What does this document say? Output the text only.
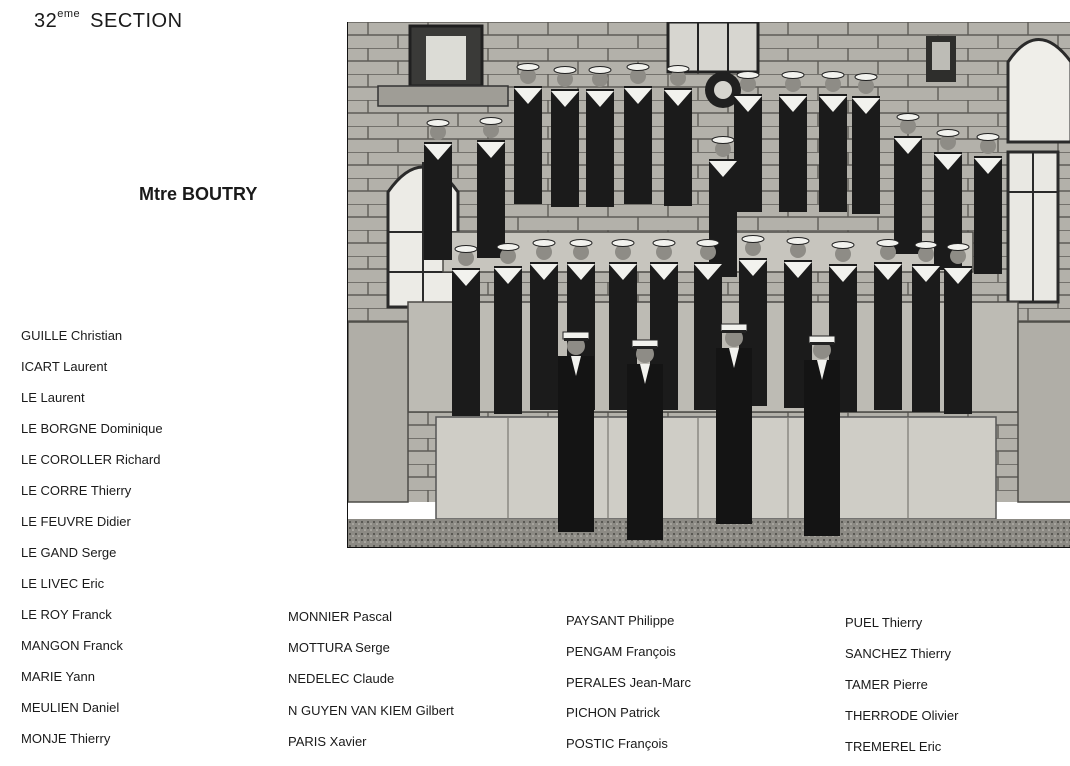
32eme SECTION
Mtre BOUTRY
GUILLE Christian
ICART Laurent
LE Laurent
LE BORGNE Dominique
LE COROLLER Richard
LE CORRE Thierry
LE FEUVRE Didier
LE GAND Serge
LE LIVEC Eric
LE ROY Franck
MANGON Franck
MARIE Yann
MEULIEN Daniel
MONJE Thierry
MONNIER Pascal
MOTTURA Serge
NEDELEC Claude
N GUYEN VAN KIEM Gilbert
PARIS Xavier
PAYSANT Philippe
PENGAM François
PERALES Jean-Marc
PICHON Patrick
POSTIC François
PUEL Thierry
SANCHEZ Thierry
TAMER Pierre
THERRODE Olivier
TREMEREL Eric
